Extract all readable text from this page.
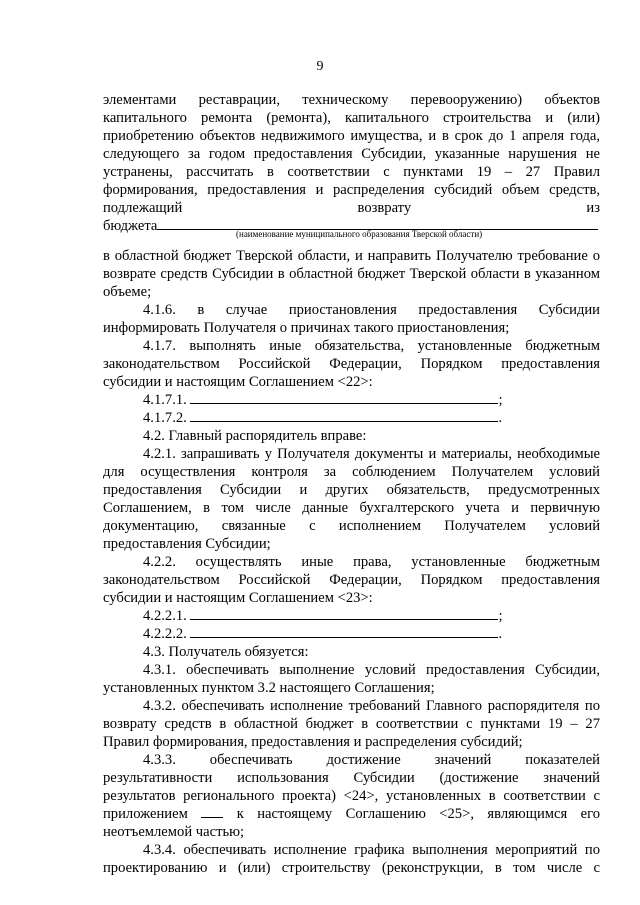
9
элементами реставрации, техническому перевооружению) объектов
капитального ремонта (ремонта), капитального строительства и (или)
приобретению объектов недвижимого имущества, и в срок до 1 апреля года,
следующего за годом предоставления Субсидии, указанные нарушения не
устранены, рассчитать в соответствии с пунктами 19 – 27 Правил
формирования, предоставления и распределения субсидий объем средств,
подлежащий возврату из
в областной бюджет Тверской области, и направить Получателю требование о
возврате средств Субсидии в областной бюджет Тверской области в указанном
объеме;
4.1.6. в случае приостановления предоставления Субсидии
информировать Получателя о причинах такого приостановления;
4.1.7. выполнять иные обязательства, установленные бюджетным
законодательством Российской Федерации, Порядком предоставления
субсидии и настоящим Соглашением <22>:
4.1.7.1.	;
4.1.7.2.	.
4.2. Главный распорядитель вправе:
4.2.1. запрашивать у Получателя документы и материалы, необходимые
для осуществления контроля за соблюдением Получателем условий
предоставления Субсидии и других обязательств, предусмотренных
Соглашением, в том числе данные бухгалтерского учета и первичную
документацию, связанные с исполнением Получателем условий
предоставления Субсидии;
4.2.2. осуществлять иные права, установленные бюджетным
законодательством Российской Федерации, Порядком предоставления
субсидии и настоящим Соглашением <23>:
4.2.2.1.	;
4.2.2.2.	.
4.3. Получатель обязуется:
4.3.1. обеспечивать выполнение условий предоставления Субсидии,
установленных пунктом 3.2 настоящего Соглашения;
4.3.2. обеспечивать исполнение требований Главного распорядителя по
возврату средств в областной бюджет в соответствии с пунктами 19 – 27
Правил формирования, предоставления и распределения субсидий;
4.3.3. обеспечивать достижение значений показателей
результативности использования Субсидии (достижение значений
результатов регионального проекта) <24>, установленных в соответствии с
неотъемлемой частью;
4.3.4. обеспечивать исполнение графика выполнения мероприятий по
проектированию и (или) строительству (реконструкции, в том числе с
бюджета	(наименование муниципального образования Тверской области)
приложением	к настоящему Соглашению <25>, являющимся его
